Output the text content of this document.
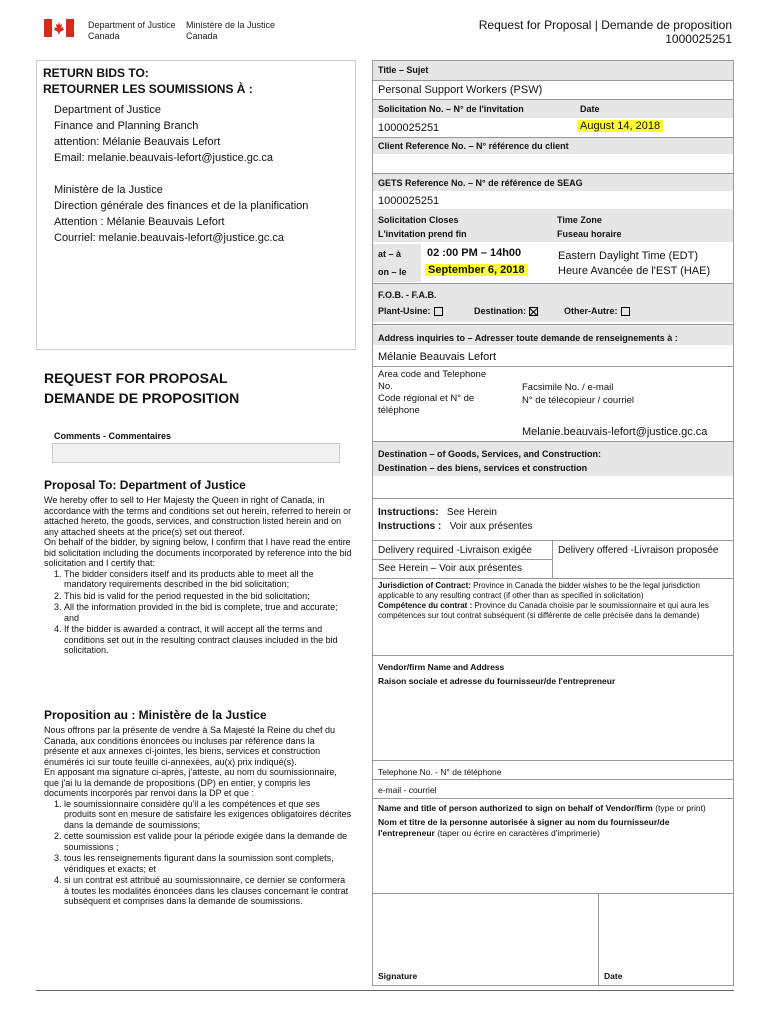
Department of Justice
Canada
Ministère de la Justice
Canada
Request for Proposal | Demande de proposition
1000025251
RETURN BIDS TO:
RETOURNER LES SOUMISSIONS À :
Department of Justice
Finance and Planning Branch
attention: Mélanie Beauvais Lefort
Email: melanie.beauvais-lefort@justice.gc.ca
Ministère de la Justice
Direction générale des finances et de la planification
Attention : Mélanie Beauvais Lefort
Courriel: melanie.beauvais-lefort@justice.gc.ca
REQUEST FOR PROPOSAL
DEMANDE DE PROPOSITION
Comments - Commentaires
Proposal To: Department of Justice

We hereby offer to sell to Her Majesty the Queen in right of Canada, in accordance with the terms and conditions set out herein, referred to herein or attached hereto, the goods, services, and construction listed herein and on any attached sheets at the price(s) set out thereof.

On behalf of the bidder, by signing below, I confirm that I have read the entire bid solicitation including the documents incorporated by reference into the bid solicitation and I certify that:

1. The bidder considers itself and its products able to meet all the mandatory requirements described in the bid solicitation;
2. This bid is valid for the period requested in the bid solicitation;
3. All the information provided in the bid is complete, true and accurate; and
4. If the bidder is awarded a contract, it will accept all the terms and conditions set out in the resulting contract clauses included in the bid solicitation.
Proposition au : Ministère de la Justice

Nous offrons par la présente de vendre à Sa Majesté la Reine du chef du Canada, aux conditions énoncées ou incluses par référence dans la présente et aux annexes ci-jointes, les biens, services et construction énumérés ici sur toute feuille ci-annexées, au(x) prix indiqué(s).

En apposant ma signature ci-après, j'atteste, au nom du soumissionnaire, que j'ai lu la demande de propositions (DP) en entier, y compris les documents incorporés par renvoi dans la DP et que :

1. le soumissionnaire considère qu'il a les compétences et que ses produits sont en mesure de satisfaire les exigences obligatoires décrites dans la demande de soumissions;
2. cette soumission est valide pour la période exigée dans la demande de soumissions ;
3. tous les renseignements figurant dans la soumission sont complets, véridiques et exacts; et
4. si un contrat est attribué au soumissionnaire, ce dernier se conformera à toutes les modalités énoncées dans les clauses concernant le contrat subséquent et comprises dans la demande de soumissions.
Title – Sujet
Personal Support Workers (PSW)
Solicitation No. – N° de l'invitation	Date
1000025251	August 14, 2018
Client Reference No. – N° référence du client
GETS Reference No. – N° de référence de SEAG
1000025251
Solicitation Closes
L'invitation prend fin
Time Zone
Fuseau horaire
at – à
on – le
02 :00 PM – 14h00
September 6, 2018
Eastern Daylight Time (EDT)
Heure Avancée de l'EST (HAE)
F.O.B. - F.A.B.
Plant-Usine:	Destination:	Other-Autre:
Address inquiries to – Adresser toute demande de renseignements à :
Mélanie Beauvais Lefort
Area code and Telephone No.
Code régional et N° de téléphone
Facsimile No. / e-mail
N° de télécopieur / courriel
Melanie.beauvais-lefort@justice.gc.ca
Destination – of Goods, Services, and Construction:
Destination – des biens, services et construction
Instructions: See Herein
Instructions : Voir aux présentes
Delivery required -Livraison exigée	Delivery offered -Livraison proposée
See Herein – Voir aux présentes
Jurisdiction of Contract: Province in Canada the bidder wishes to be the legal jurisdiction applicable to any resulting contract (if other than as specified in solicitation)
Compétence du contrat : Province du Canada choisie par le soumissionnaire et qui aura les compétences sur tout contrat subséquent (si différente de celle précisée dans la demande)
Vendor/firm Name and Address
Raison sociale et adresse du fournisseur/de l'entrepreneur
Telephone No. - N° de téléphone
e-mail - courriel
Name and title of person authorized to sign on behalf of Vendor/firm (type or print)
Nom et titre de la personne autorisée à signer au nom du fournisseur/de l'entrepreneur (taper ou écrire en caractères d'imprimerie)
Signature	Date
